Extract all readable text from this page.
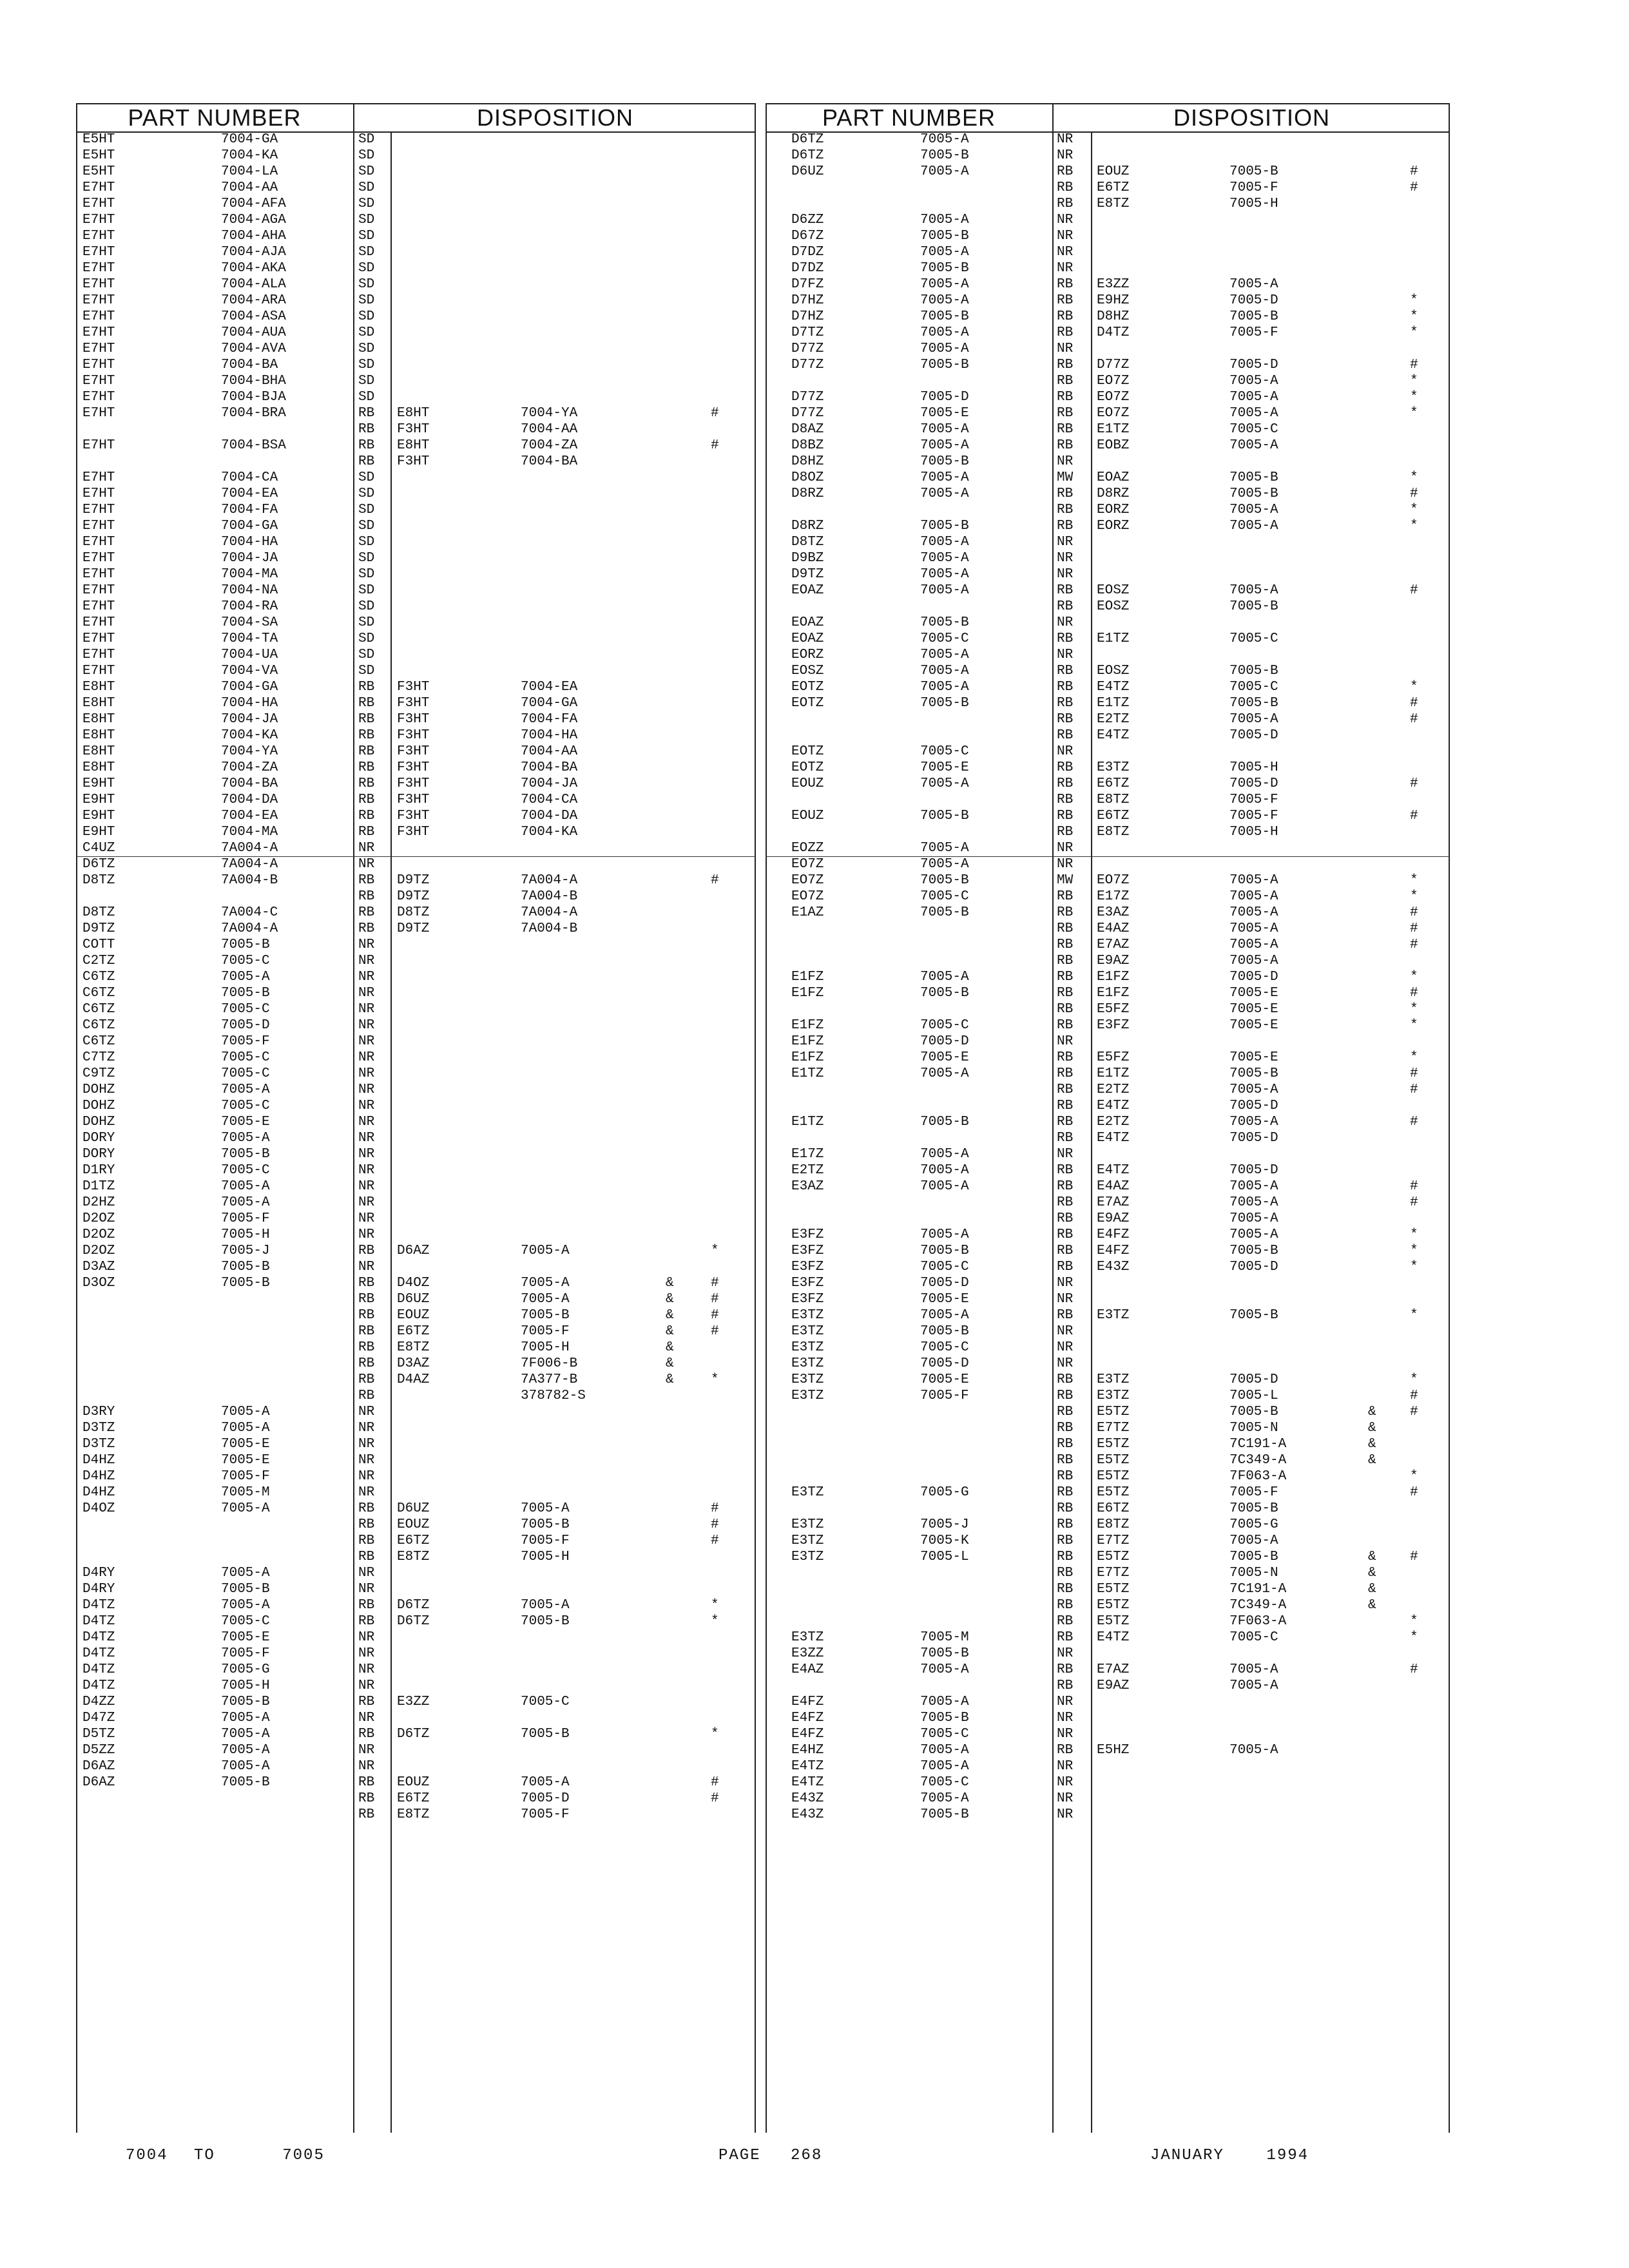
PART NUMBER	DISPOSITION
E5HT	7004-GA	SD
E5HT	7004-KA	SD
E5HT	7004-LA	SD
E7HT	7004-AA	SD
E7HT	7004-AFA	SD
E7HT	7004-AGA	SD
E7HT	7004-AHA	SD
E7HT	7004-AJA	SD
E7HT	7004-AKA	SD
E7HT	7004-ALA	SD
E7HT	7004-ARA	SD
E7HT	7004-ASA	SD
E7HT	7004-AUA	SD
E7HT	7004-AVA	SD
E7HT	7004-BA	SD
E7HT	7004-BHA	SD
E7HT	7004-BJA	SD
E7HT	7004-BRA	RB E8HT	7004-YA	#
RB F3HT	7004-AA
E7HT	7004-BSA	RB E8HT	7004-ZA	#
RB F3HT	7004-BA
E7HT	7004-CA	SD
E7HT	7004-EA	SD
E7HT	7004-FA	SD
E7HT	7004-GA	SD
E7HT	7004-HA	SD
E7HT	7004-JA	SD
E7HT	7004-MA	SD
E7HT	7004-NA	SD
E7HT	7004-RA	SD
E7HT	7004-SA	SD
E7HT	7004-TA	SD
E7HT	7004-UA	SD
E7HT	7004-VA	SD
E8HT	7004-GA	RB F3HT	7004-EA
E8HT	7004-HA	RB F3HT	7004-GA
E8HT	7004-JA	RB F3HT	7004-FA
E8HT	7004-KA	RB F3HT	7004-HA
E8HT	7004-YA	RB F3HT	7004-AA
E8HT	7004-ZA	RB F3HT	7004-BA
E9HT	7004-BA	RB F3HT	7004-JA
E9HT	7004-DA	RB F3HT	7004-CA
E9HT	7004-EA	RB F3HT	7004-DA
E9HT	7004-MA	RB F3HT	7004-KA
C4UZ	7A004-A	NR
D6TZ	7A004-A	NR
D8TZ	7A004-B	RB D9TZ	7A004-A	#
RB D9TZ	7A004-B
D8TZ	7A004-C	RB D8TZ	7A004-A
D9TZ	7A004-A	RB D9TZ	7A004-B
COTT	7005-B	NR
C2TZ	7005-C	NR
C6TZ	7005-A	NR
C6TZ	7005-B	NR
C6TZ	7005-C	NR
C6TZ	7005-D	NR
C6TZ	7005-F	NR
C7TZ	7005-C	NR
C9TZ	7005-C	NR
DOHZ	7005-A	NR
DOHZ	7005-C	NR
DOHZ	7005-E	NR
DORY	7005-A	NR
DORY	7005-B	NR
D1RY	7005-C	NR
D1TZ	7005-A	NR
D2HZ	7005-A	NR
D2OZ	7005-F	NR
D2OZ	7005-H	NR
D2OZ	7005-J	RB D6AZ	7005-A	*
D3AZ	7005-B	NR
D3OZ	7005-B	RB D4OZ	7005-A	&	#
RB D6UZ	7005-A	&	#
RB EOUZ	7005-B	&	#
RB E6TZ	7005-F	&	#
RB E8TZ	7005-H	&
RB D3AZ	7F006-B	&
RB D4AZ	7A377-B	&	*
RB	378782-S
D3RY	7005-A	NR
D3TZ	7005-A	NR
D3TZ	7005-E	NR
D4HZ	7005-E	NR
D4HZ	7005-F	NR
D4HZ	7005-M	NR
D4OZ	7005-A	RB D6UZ	7005-A	#
RB EOUZ	7005-B	#
RB E6TZ	7005-F	#
RB E8TZ	7005-H
D4RY	7005-A	NR
D4RY	7005-B	NR
D4TZ	7005-A	RB D6TZ	7005-A	*
D4TZ	7005-C	RB D6TZ	7005-B	*
D4TZ	7005-E	NR
D4TZ	7005-F	NR
D4TZ	7005-G	NR
D4TZ	7005-H	NR
D4ZZ	7005-B	RB E3ZZ	7005-C
D47Z	7005-A	NR
D5TZ	7005-A	RB D6TZ	7005-B	*
D5ZZ	7005-A	NR
D6AZ	7005-A	NR
D6AZ	7005-B	RB EOUZ	7005-A	#
RB E6TZ	7005-D	#
RB E8TZ	7005-F
PART NUMBER	DISPOSITION
D6TZ	7005-A	NR
D6TZ	7005-B	NR
D6UZ	7005-A	RB EOUZ	7005-B	#
RB E6TZ	7005-F	#
RB E8TZ	7005-H
D6ZZ	7005-A	NR
D67Z	7005-B	NR
D7DZ	7005-A	NR
D7DZ	7005-B	NR
D7FZ	7005-A	RB E3ZZ	7005-A
D7HZ	7005-A	RB E9HZ	7005-D	*
D7HZ	7005-B	RB D8HZ	7005-B	*
D7TZ	7005-A	RB D4TZ	7005-F	*
D77Z	7005-A	NR
D77Z	7005-B	RB D77Z	7005-D	#
RB EO7Z	7005-A	*
D77Z	7005-D	RB EO7Z	7005-A	*
D77Z	7005-E	RB EO7Z	7005-A	*
D8AZ	7005-A	RB E1TZ	7005-C
D8BZ	7005-A	RB EOBZ	7005-A
D8HZ	7005-B	NR
D8OZ	7005-A	MW EOAZ	7005-B	*
D8RZ	7005-A	RB D8RZ	7005-B	#
RB EORZ	7005-A	*
D8RZ	7005-B	RB EORZ	7005-A	*
D8TZ	7005-A	NR
D9BZ	7005-A	NR
D9TZ	7005-A	NR
EOAZ	7005-A	RB EOSZ	7005-A	#
RB EOSZ	7005-B
EOAZ	7005-B	NR
EOAZ	7005-C	RB E1TZ	7005-C
EORZ	7005-A	NR
EOSZ	7005-A	RB EOSZ	7005-B
EOTZ	7005-A	RB E4TZ	7005-C	*
EOTZ	7005-B	RB E1TZ	7005-B	#
RB E2TZ	7005-A	#
RB E4TZ	7005-D
EOTZ	7005-C	NR
EOTZ	7005-E	RB E3TZ	7005-H
EOUZ	7005-A	RB E6TZ	7005-D	#
RB E8TZ	7005-F
EOUZ	7005-B	RB E6TZ	7005-F	#
RB E8TZ	7005-H
EOZZ	7005-A	NR
EO7Z	7005-A	NR
EO7Z	7005-B	MW EO7Z	7005-A	*
EO7Z	7005-C	RB E17Z	7005-A	*
E1AZ	7005-B	RB E3AZ	7005-A	#
RB E4AZ	7005-A	#
RB E7AZ	7005-A	#
RB E9AZ	7005-A
E1FZ	7005-A	RB E1FZ	7005-D	*
E1FZ	7005-B	RB E1FZ	7005-E	#
RB E5FZ	7005-E	*
E1FZ	7005-C	RB E3FZ	7005-E	*
E1FZ	7005-D	NR
E1FZ	7005-E	RB E5FZ	7005-E	*
E1TZ	7005-A	RB E1TZ	7005-B	#
RB E2TZ	7005-A	#
RB E4TZ	7005-D
E1TZ	7005-B	RB E2TZ	7005-A	#
RB E4TZ	7005-D
E17Z	7005-A	NR
E2TZ	7005-A	RB E4TZ	7005-D
E3AZ	7005-A	RB E4AZ	7005-A	#
RB E7AZ	7005-A	#
RB E9AZ	7005-A
E3FZ	7005-A	RB E4FZ	7005-A	*
E3FZ	7005-B	RB E4FZ	7005-B	*
E3FZ	7005-C	RB E43Z	7005-D	*
E3FZ	7005-D	NR
E3FZ	7005-E	NR
E3TZ	7005-A	RB E3TZ	7005-B	*
E3TZ	7005-B	NR
E3TZ	7005-C	NR
E3TZ	7005-D	NR
E3TZ	7005-E	RB E3TZ	7005-D	*
E3TZ	7005-F	RB E3TZ	7005-L	#
RB E5TZ	7005-B	& #
RB E7TZ	7005-N	&
RB E5TZ	7C191-A	&
RB E5TZ	7C349-A	&
RB E5TZ	7F063-A	*
E3TZ	7005-G	RB E5TZ	7005-F	#
RB E6TZ	7005-B
E3TZ	7005-J	RB E8TZ	7005-G
E3TZ	7005-K	RB E7TZ	7005-A
E3TZ	7005-L	RB E5TZ	7005-B	& #
RB E7TZ	7005-N	&
RB E5TZ	7C191-A	&
RB E5TZ	7C349-A	&
RB E5TZ	7F063-A	*
E3TZ	7005-M	RB E4TZ	7005-C	*
E3ZZ	7005-B	NR
E4AZ	7005-A	RB E7AZ	7005-A	#
RB E9AZ	7005-A
E4FZ	7005-A	NR
E4FZ	7005-B	NR
E4FZ	7005-C	NR
E4HZ	7005-A	RB E5HZ	7005-A
E4TZ	7005-A	NR
E4TZ	7005-C	NR
E43Z	7005-A	NR
E43Z	7005-B	NR
7004 TO	7005	PAGE 268	JANUARY    1994
